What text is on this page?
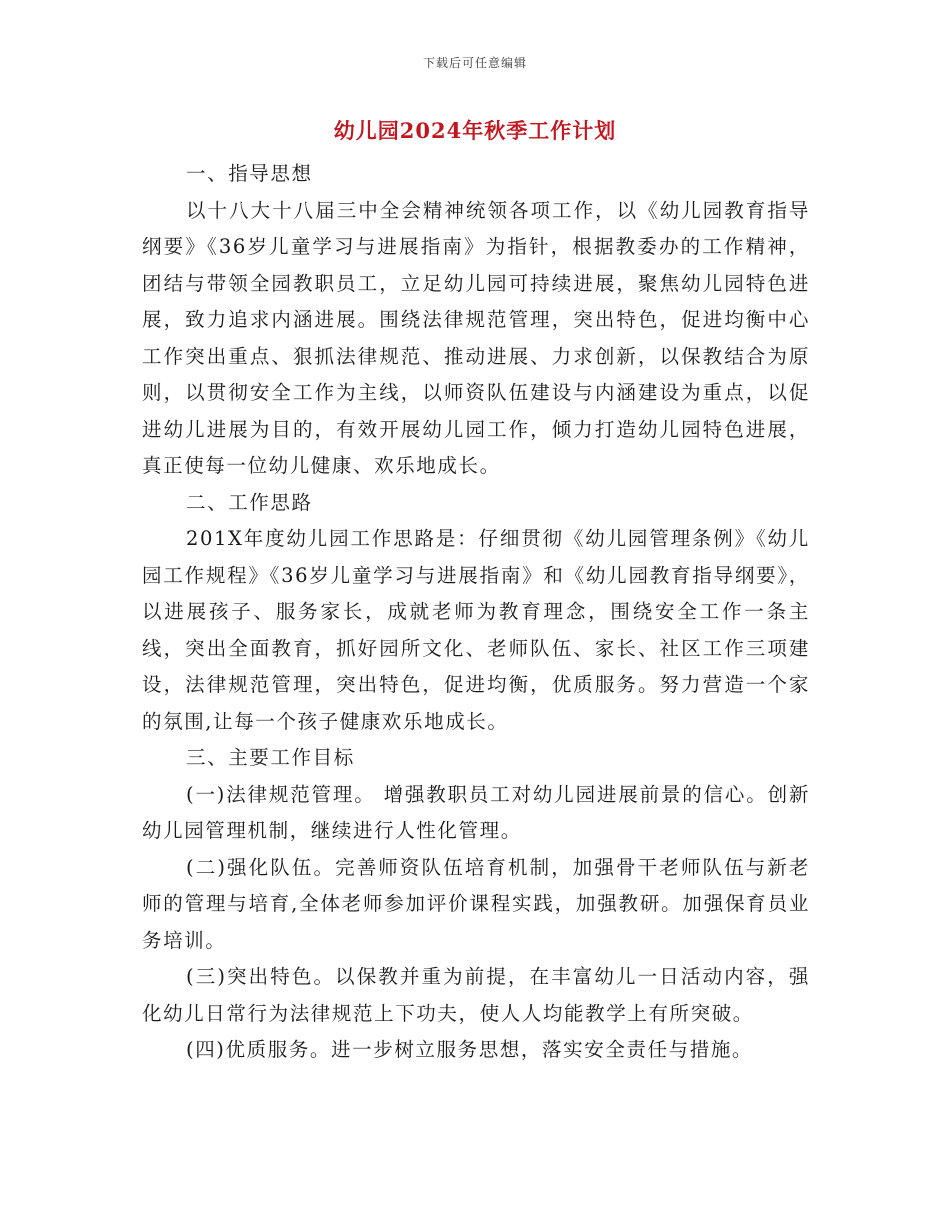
下载后可任意编辑
幼儿园2024年秋季工作计划

一、指导思想

以十八大十八届三中全会精神统领各项工作，以《幼儿园教育指导纲要》《36岁儿童学习与进展指南》为指针，根据教委办的工作精神，团结与带领全园教职员工，立足幼儿园可持续进展，聚焦幼儿园特色进展，致力追求内涵进展。围绕法律规范管理，突出特色，促进均衡中心工作突出重点、狠抓法律规范、推动进展、力求创新，以保教结合为原则，以贯彻安全工作为主线，以师资队伍建设与内涵建设为重点，以促进幼儿进展为目的，有效开展幼儿园工作，倾力打造幼儿园特色进展，真正使每一位幼儿健康、欢乐地成长。

二、工作思路

201X年度幼儿园工作思路是：仔细贯彻《幼儿园管理条例》《幼儿园工作规程》《36岁儿童学习与进展指南》和《幼儿园教育指导纲要》，以进展孩子、服务家长，成就老师为教育理念，围绕安全工作一条主线，突出全面教育，抓好园所文化、老师队伍、家长、社区工作三项建设，法律规范管理，突出特色，促进均衡，优质服务。努力营造一个家的氛围,让每一个孩子健康欢乐地成长。

三、主要工作目标

(一)法律规范管理。 增强教职员工对幼儿园进展前景的信心。创新幼儿园管理机制，继续进行人性化管理。

(二)强化队伍。完善师资队伍培育机制，加强骨干老师队伍与新老师的管理与培育,全体老师参加评价课程实践，加强教研。加强保育员业务培训。

(三)突出特色。以保教并重为前提，在丰富幼儿一日活动内容，强化幼儿日常行为法律规范上下功夫，使人人均能教学上有所突破。

(四)优质服务。进一步树立服务思想，落实安全责任与措施。
